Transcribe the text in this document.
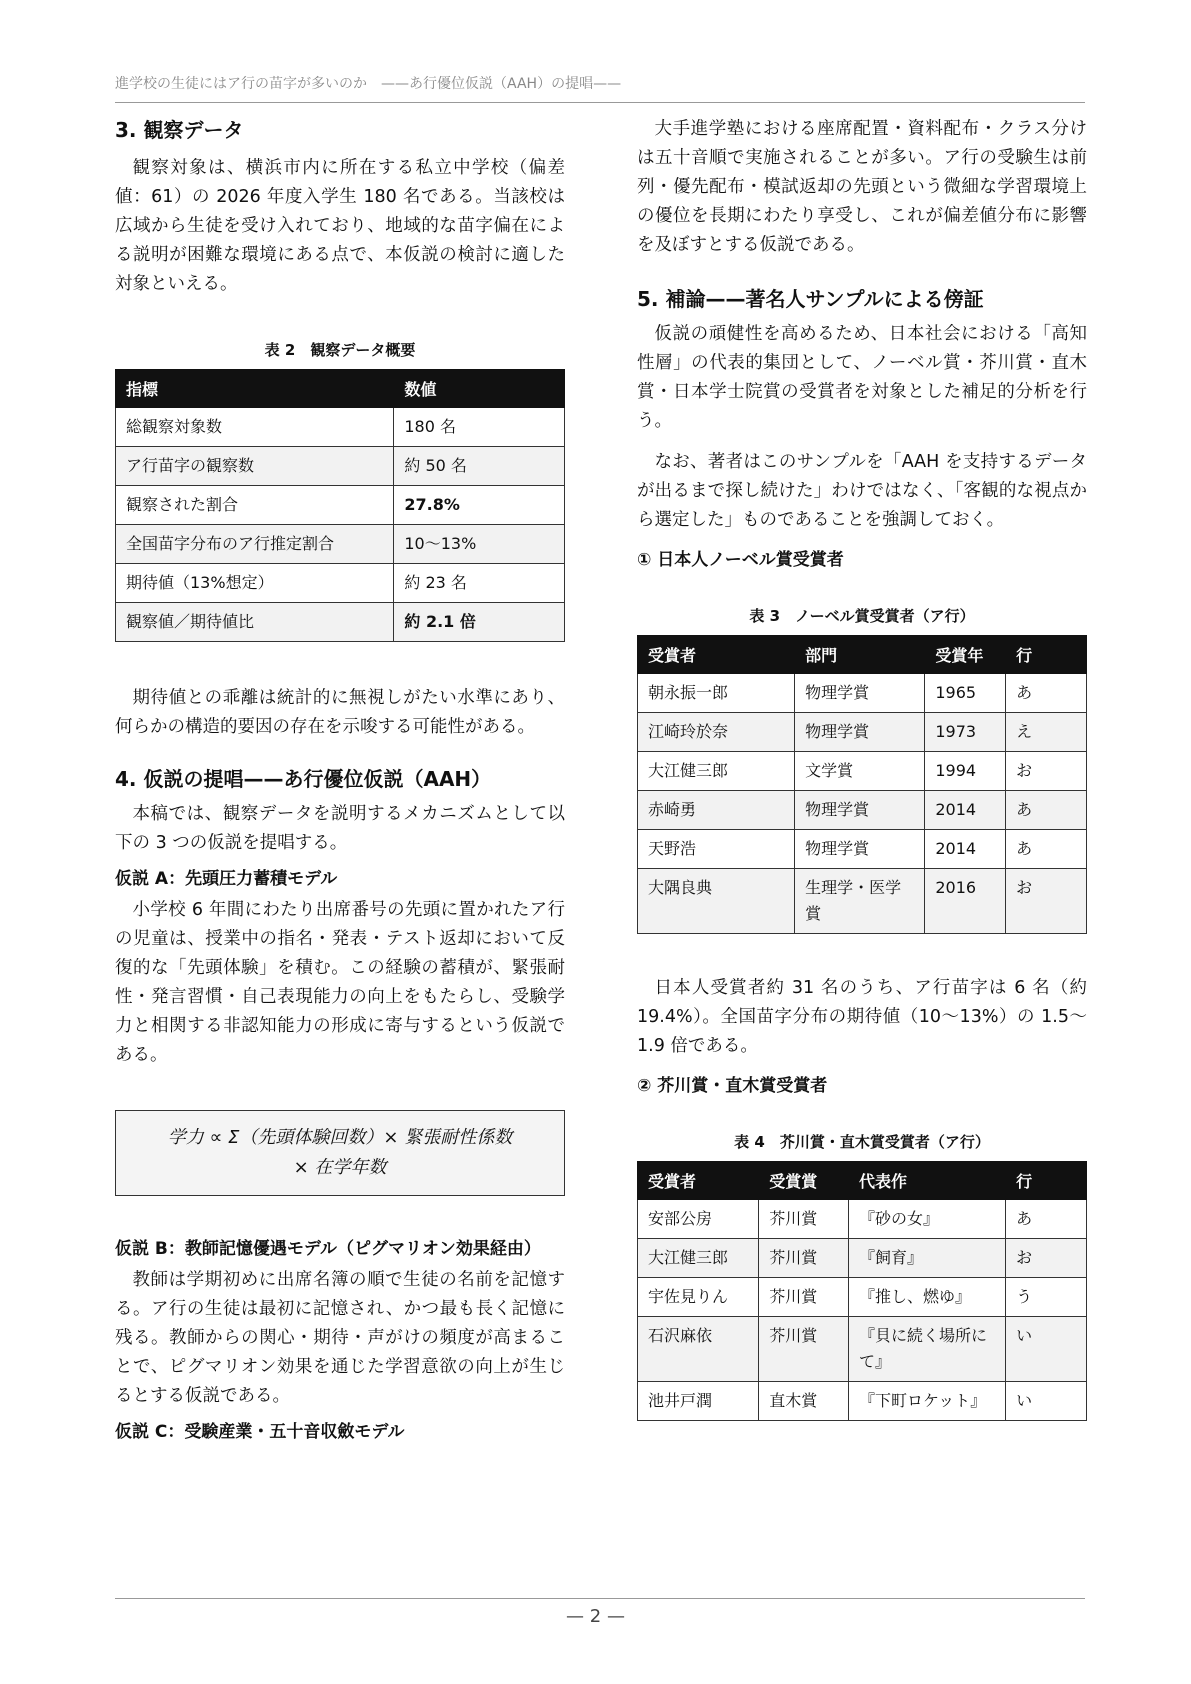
進学校の生徒にはア行の苗字が多いのか　——あ行優位仮説（AAH）の提唱——
3. 観察データ

観察対象は、横浜市内に所在する私立中学校（偏差値：61）の 2026 年度入学生 180 名である。当該校は広域から生徒を受け入れており、地域的な苗字偏在による説明が困難な環境にある点で、本仮説の検討に適した対象といえる。

表 2　観察データ概要
指標	数値
総観察対象数	180 名
ア行苗字の観察数	約 50 名
観察された割合	27.8%
全国苗字分布のア行推定割合	10〜13%
期待値（13%想定）	約 23 名
観察値／期待値比	約 2.1 倍

期待値との乖離は統計的に無視しがたい水準にあり、何らかの構造的要因の存在を示唆する可能性がある。

4. 仮説の提唱——あ行優位仮説（AAH）

本稿では、観察データを説明するメカニズムとして以下の 3 つの仮説を提唱する。

仮説 A：先頭圧力蓄積モデル

小学校 6 年間にわたり出席番号の先頭に置かれたア行の児童は、授業中の指名・発表・テスト返却において反復的な「先頭体験」を積む。この経験の蓄積が、緊張耐性・発言習慣・自己表現能力の向上をもたらし、受験学力と相関する非認知能力の形成に寄与するという仮説である。

学力 ∝ Σ（先頭体験回数）× 緊張耐性係数
× 在学年数
仮説 B：教師記憶優遇モデル（ピグマリオン効果経由）

教師は学期初めに出席名簿の順で生徒の名前を記憶する。ア行の生徒は最初に記憶され、かつ最も長く記憶に残る。教師からの関心・期待・声がけの頻度が高まることで、ピグマリオン効果を通じた学習意欲の向上が生じるとする仮説である。

仮説 C：受験産業・五十音収斂モデル

大手進学塾における座席配置・資料配布・クラス分けは五十音順で実施されることが多い。ア行の受験生は前列・優先配布・模試返却の先頭という微細な学習環境上の優位を長期にわたり享受し、これが偏差値分布に影響を及ぼすとする仮説である。

5. 補論——著名人サンプルによる傍証

仮説の頑健性を高めるため、日本社会における「高知性層」の代表的集団として、ノーベル賞・芥川賞・直木賞・日本学士院賞の受賞者を対象とした補足的分析を行う。

なお、著者はこのサンプルを「AAH を支持するデータが出るまで探し続けた」わけではなく、「客観的な視点から選定した」ものであることを強調しておく。

① 日本人ノーベル賞受賞者
表 3　ノーベル賞受賞者（ア行）
受賞者	部門	受賞年	行
朝永振一郎	物理学賞	1965	あ
江崎玲於奈	物理学賞	1973	え
大江健三郎	文学賞	1994	お
赤崎勇	物理学賞	2014	あ
天野浩	物理学賞	2014	あ
大隅良典	生理学・医学賞	2016	お

日本人受賞者約 31 名のうち、ア行苗字は 6 名（約 19.4%）。全国苗字分布の期待値（10〜13%）の 1.5〜1.9 倍である。

② 芥川賞・直木賞受賞者
表 4　芥川賞・直木賞受賞者（ア行）
受賞者	受賞賞	代表作	行
安部公房	芥川賞	『砂の女』	あ
大江健三郎	芥川賞	『飼育』	お
宇佐見りん	芥川賞	『推し、燃ゆ』	う
石沢麻依	芥川賞	『貝に続く場所にて』	い
池井戸潤	直木賞	『下町ロケット』	い
— 2 —
